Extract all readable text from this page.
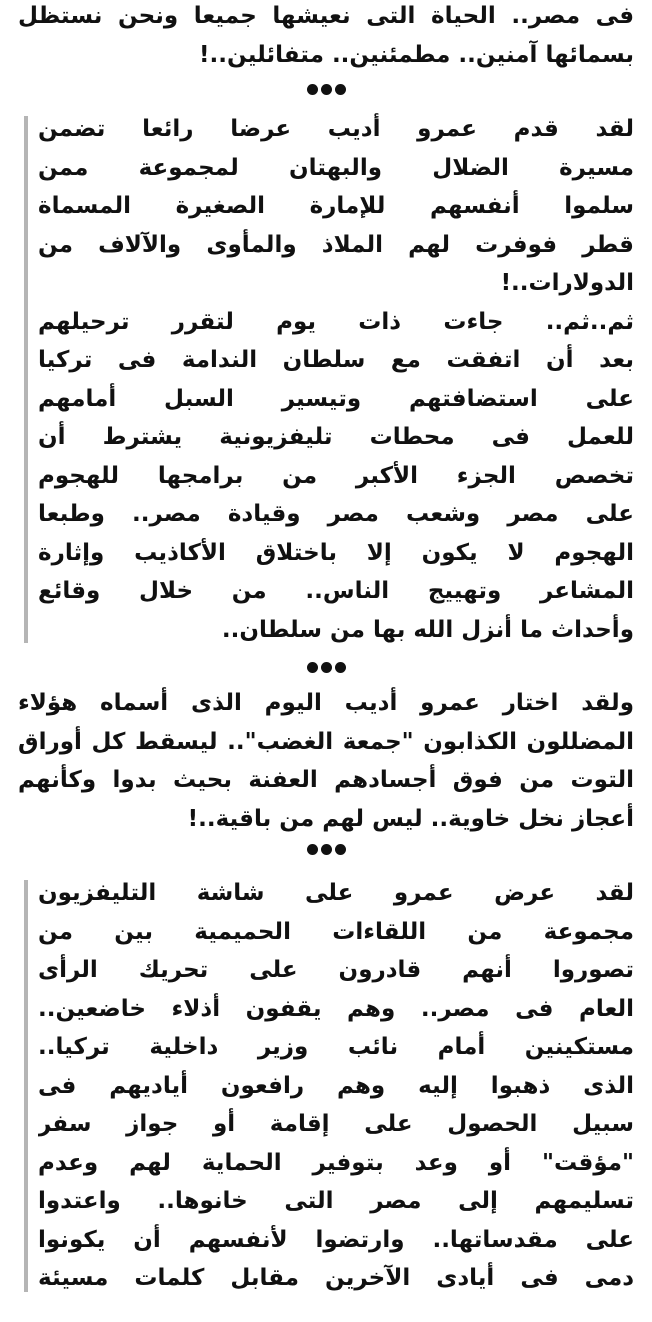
فى مصر.. الحياة التى نعيشها جميعا ونحن نستظل
بسمائها آمنين.. مطمئنين.. متفائلين..!
لقد قدم عمرو أديب عرضا رائعا تضمن
مسيرة الضلال والبهتان لمجموعة ممن
سلموا أنفسهم للإمارة الصغيرة المسماة
قطر فوفرت لهم الملاذ والمأوى والآلاف من
الدولارات..!
ثم..ثم.. جاءت ذات يوم لتقرر ترحيلهم
بعد أن اتفقت مع سلطان الندامة فى تركيا
على استضافتهم وتيسير السبل أمامهم
للعمل فى محطات تليفزيونية يشترط أن
تخصص الجزء الأكبر من برامجها للهجوم
على مصر وشعب مصر وقيادة مصر.. وطبعا
الهجوم لا يكون إلا باختلاق الأكاذيب وإثارة
المشاعر وتهييج الناس.. من خلال وقائع
وأحداث ما أنزل الله بها من سلطان..
ولقد اختار عمرو أديب اليوم الذى أسماه هؤلاء
المضللون الكذابون "جمعة الغضب".. ليسقط كل أوراق
التوت من فوق أجسادهم العفنة بحيث بدوا وكأنهم
أعجاز نخل خاوية.. ليس لهم من باقية..!
لقد عرض عمرو على شاشة التليفزيون
مجموعة من اللقاءات الحميمية بين من
تصوروا أنهم قادرون على تحريك الرأى
العام فى مصر.. وهم يقفون أذلاء خاضعين..
مستكينين أمام نائب وزير داخلية تركيا..
الذى ذهبوا إليه وهم رافعون أياديهم فى
سبيل الحصول على إقامة أو جواز سفر
"مؤقت" أو وعد بتوفير الحماية لهم وعدم
تسليمهم إلى مصر التى خانوها.. واعتدوا
على مقدساتها.. وارتضوا لأنفسهم أن يكونوا
دمى فى أيادى الآخرين مقابل كلمات مسيئة
